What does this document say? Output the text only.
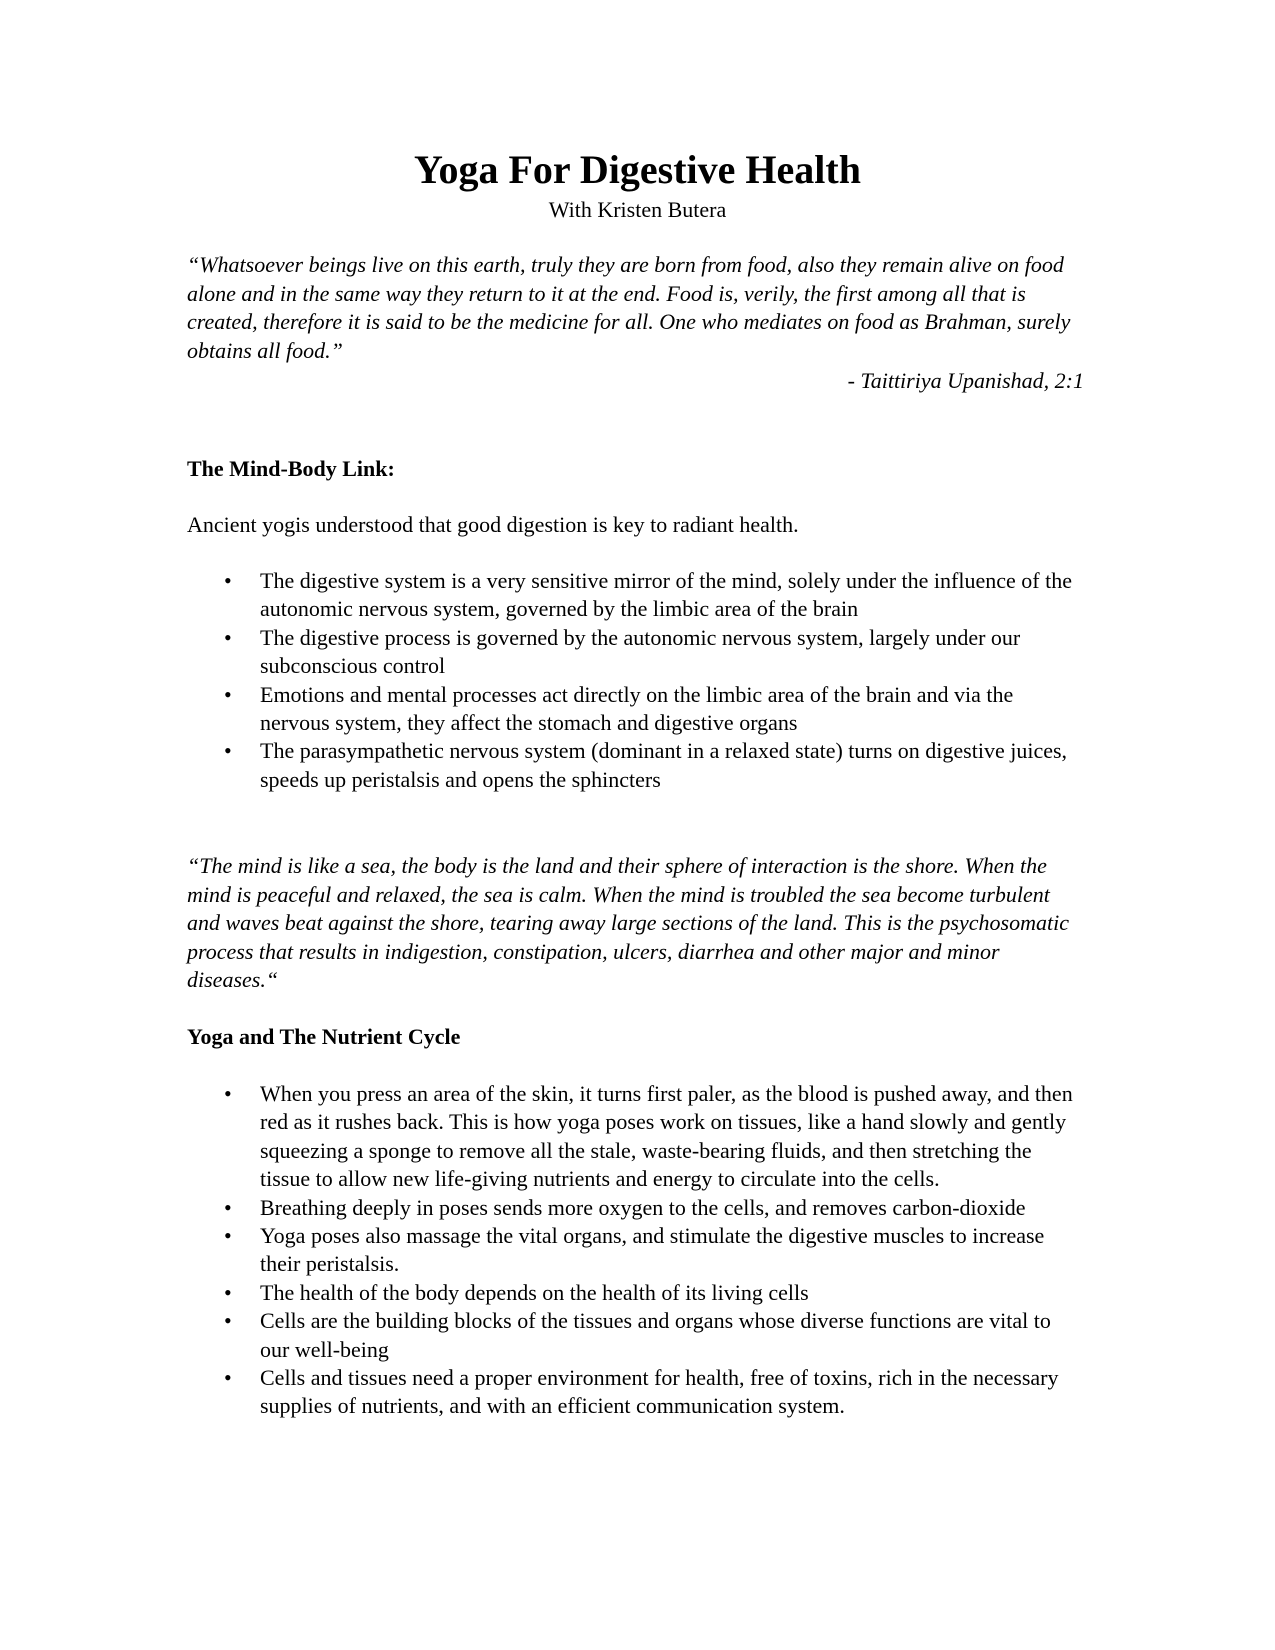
Yoga For Digestive Health

With Kristen Butera

“Whatsoever beings live on this earth, truly they are born from food, also they remain alive on food alone and in the same way they return to it at the end. Food is, verily, the first among all that is created, therefore it is said to be the medicine for all. One who mediates on food as Brahman, surely obtains all food.”

- Taittiriya Upanishad, 2:1

The Mind-Body Link:

Ancient yogis understood that good digestion is key to radiant health.

• The digestive system is a very sensitive mirror of the mind, solely under the influence of the autonomic nervous system, governed by the limbic area of the brain
• The digestive process is governed by the autonomic nervous system, largely under our subconscious control
• Emotions and mental processes act directly on the limbic area of the brain and via the nervous system, they affect the stomach and digestive organs
• The parasympathetic nervous system (dominant in a relaxed state) turns on digestive juices, speeds up peristalsis and opens the sphincters

“The mind is like a sea, the body is the land and their sphere of interaction is the shore. When the mind is peaceful and relaxed, the sea is calm. When the mind is troubled the sea become turbulent and waves beat against the shore, tearing away large sections of the land. This is the psychosomatic process that results in indigestion, constipation, ulcers, diarrhea and other major and minor diseases.“

Yoga and The Nutrient Cycle
• When you press an area of the skin, it turns first paler, as the blood is pushed away, and then red as it rushes back. This is how yoga poses work on tissues, like a hand slowly and gently squeezing a sponge to remove all the stale, waste-bearing fluids, and then stretching the tissue to allow new life-giving nutrients and energy to circulate into the cells.
• Breathing deeply in poses sends more oxygen to the cells, and removes carbon-dioxide
• Yoga poses also massage the vital organs, and stimulate the digestive muscles to increase their peristalsis.
• The health of the body depends on the health of its living cells
• Cells are the building blocks of the tissues and organs whose diverse functions are vital to our well-being
• Cells and tissues need a proper environment for health, free of toxins, rich in the necessary supplies of nutrients, and with an efficient communication system.
